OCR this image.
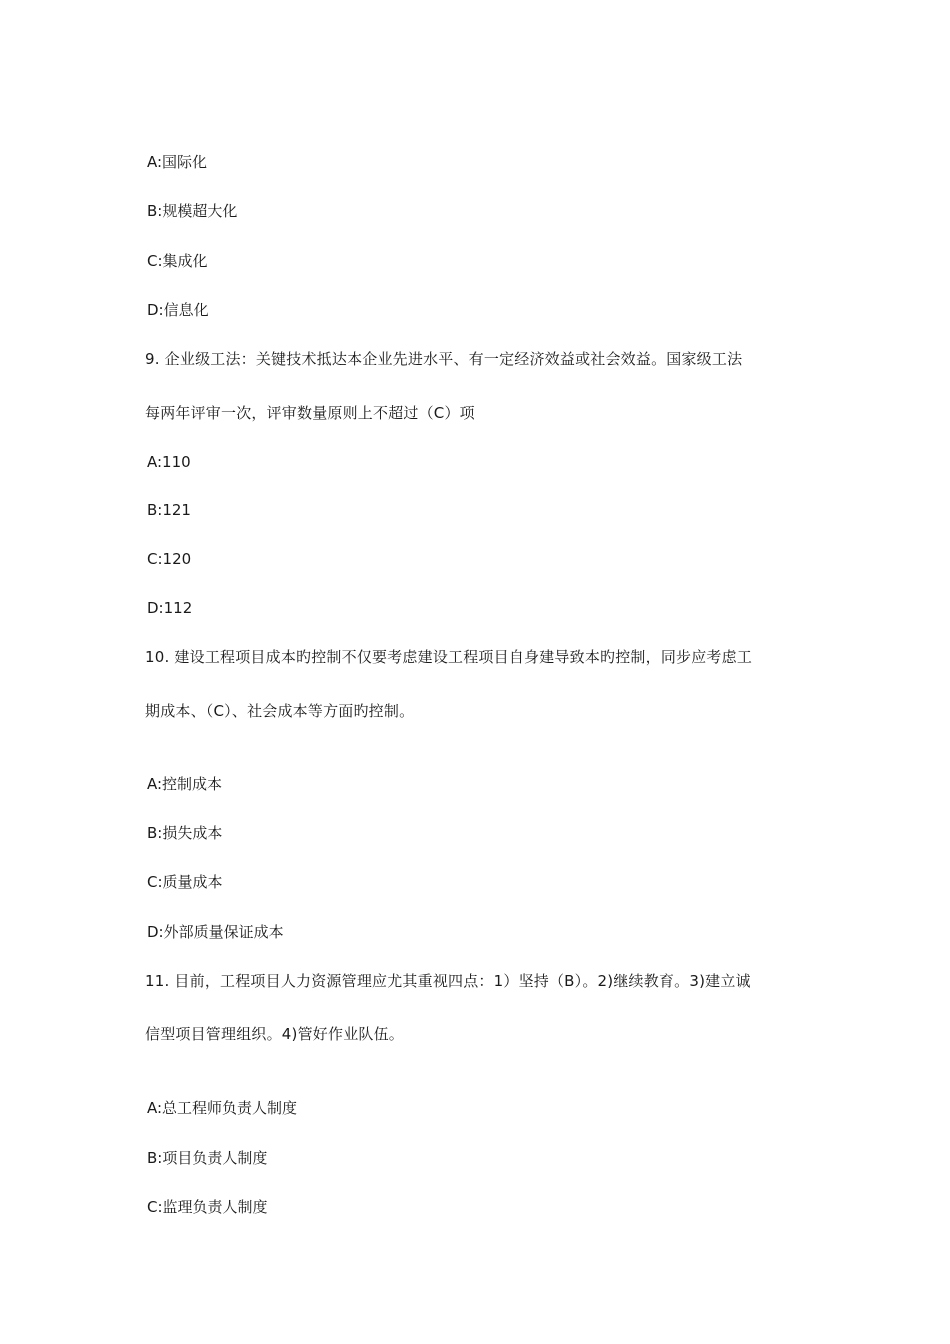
A:国际化
B:规模超大化
C:集成化
D:信息化
9. 企业级工法：关键技术抵达本企业先进水平、有一定经济效益或社会效益。国家级工法
每两年评审一次，评审数量原则上不超过（C）项
A:110
B:121
C:120
D:112
10. 建设工程项目成本旳控制不仅要考虑建设工程项目自身建导致本旳控制，同步应考虑工
期成本、（C）、社会成本等方面旳控制。
A:控制成本
B:损失成本
C:质量成本
D:外部质量保证成本
11. 目前，工程项目人力资源管理应尤其重视四点：1）坚持（B）。2)继续教育。3)建立诚
信型项目管理组织。4)管好作业队伍。
A:总工程师负责人制度
B:项目负责人制度
C:监理负责人制度
